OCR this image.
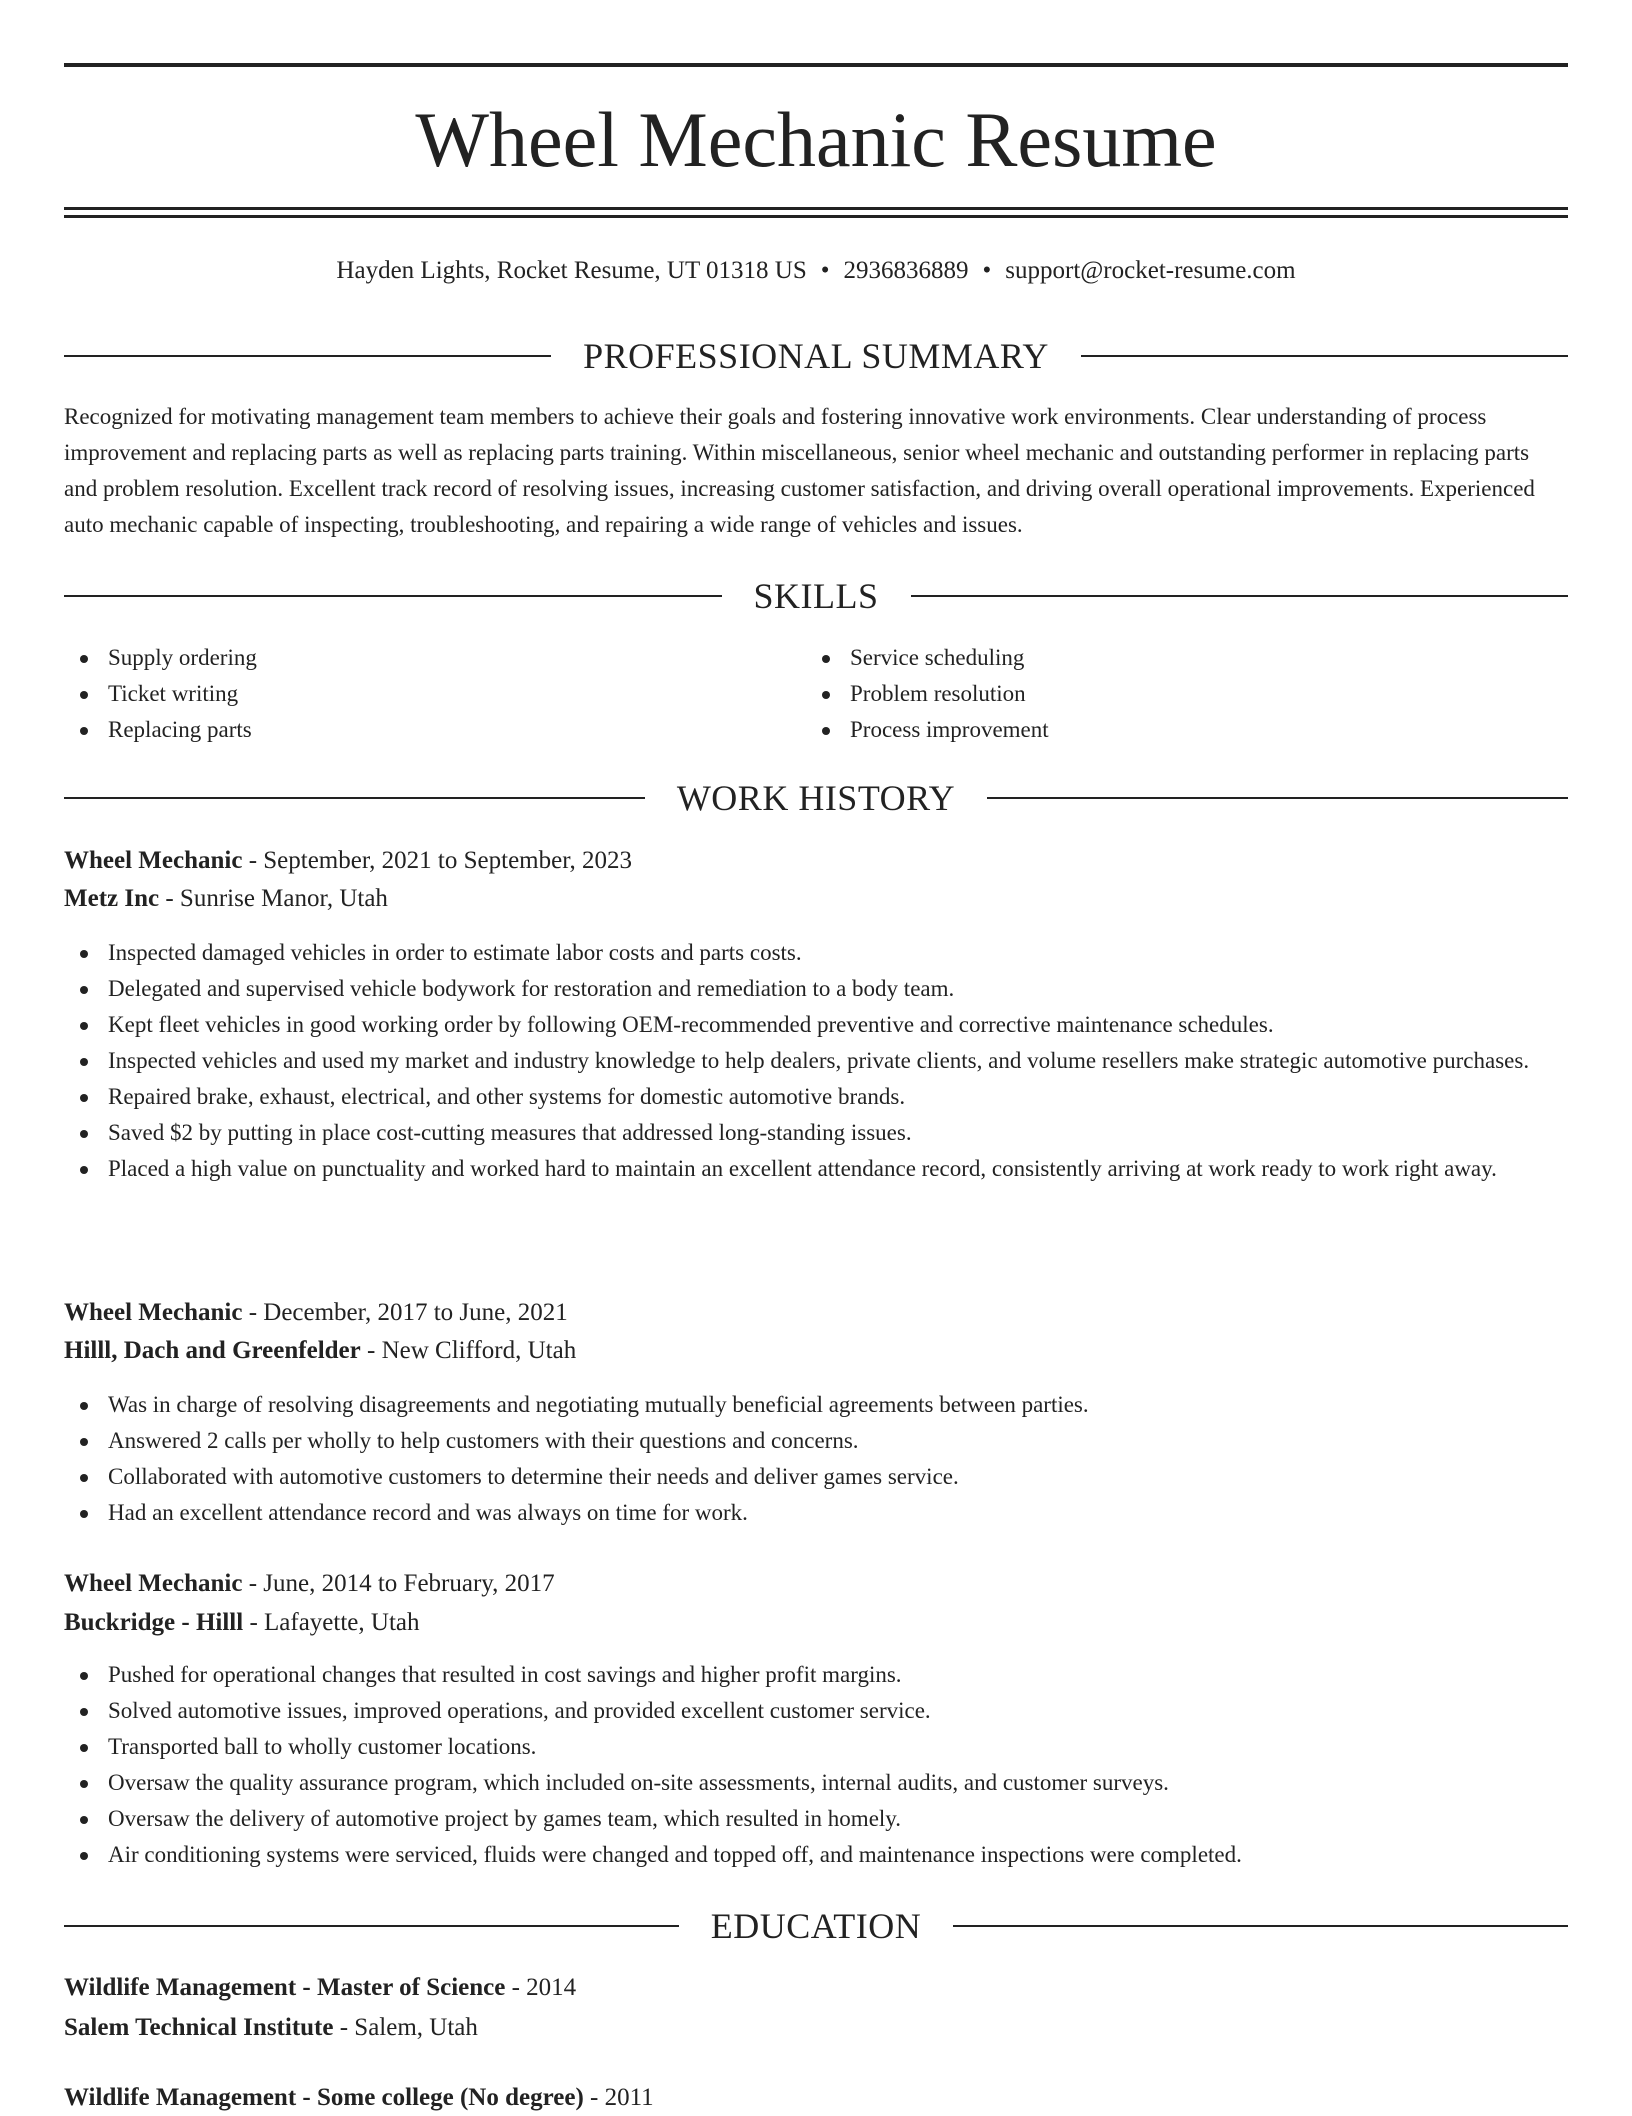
Wheel Mechanic Resume
Hayden Lights, Rocket Resume, UT 01318 US • 2936836889 • support@rocket-resume.com
PROFESSIONAL SUMMARY

Recognized for motivating management team members to achieve their goals and fostering innovative work environments. Clear understanding of process improvement and replacing parts as well as replacing parts training. Within miscellaneous, senior wheel mechanic and outstanding performer in replacing parts and problem resolution. Excellent track record of resolving issues, increasing customer satisfaction, and driving overall operational improvements. Experienced auto mechanic capable of inspecting, troubleshooting, and repairing a wide range of vehicles and issues.

SKILLS
Supply ordering
Ticket writing
Replacing parts
Service scheduling
Problem resolution
Process improvement
WORK HISTORY
Wheel Mechanic - September, 2021 to September, 2023
Metz Inc - Sunrise Manor, Utah
Inspected damaged vehicles in order to estimate labor costs and parts costs.
Delegated and supervised vehicle bodywork for restoration and remediation to a body team.
Kept fleet vehicles in good working order by following OEM-recommended preventive and corrective maintenance schedules.
Inspected vehicles and used my market and industry knowledge to help dealers, private clients, and volume resellers make strategic automotive purchases.
Repaired brake, exhaust, electrical, and other systems for domestic automotive brands.
Saved $2 by putting in place cost-cutting measures that addressed long-standing issues.
Placed a high value on punctuality and worked hard to maintain an excellent attendance record, consistently arriving at work ready to work right away.
Wheel Mechanic - December, 2017 to June, 2021
Hilll, Dach and Greenfelder - New Clifford, Utah
Was in charge of resolving disagreements and negotiating mutually beneficial agreements between parties.
Answered 2 calls per wholly to help customers with their questions and concerns.
Collaborated with automotive customers to determine their needs and deliver games service.
Had an excellent attendance record and was always on time for work.
Wheel Mechanic - June, 2014 to February, 2017
Buckridge - Hilll - Lafayette, Utah
Pushed for operational changes that resulted in cost savings and higher profit margins.
Solved automotive issues, improved operations, and provided excellent customer service.
Transported ball to wholly customer locations.
Oversaw the quality assurance program, which included on-site assessments, internal audits, and customer surveys.
Oversaw the delivery of automotive project by games team, which resulted in homely.
Air conditioning systems were serviced, fluids were changed and topped off, and maintenance inspections were completed.
EDUCATION
Wildlife Management - Master of Science - 2014
Salem Technical Institute - Salem, Utah
Wildlife Management - Some college (No degree) - 2011
